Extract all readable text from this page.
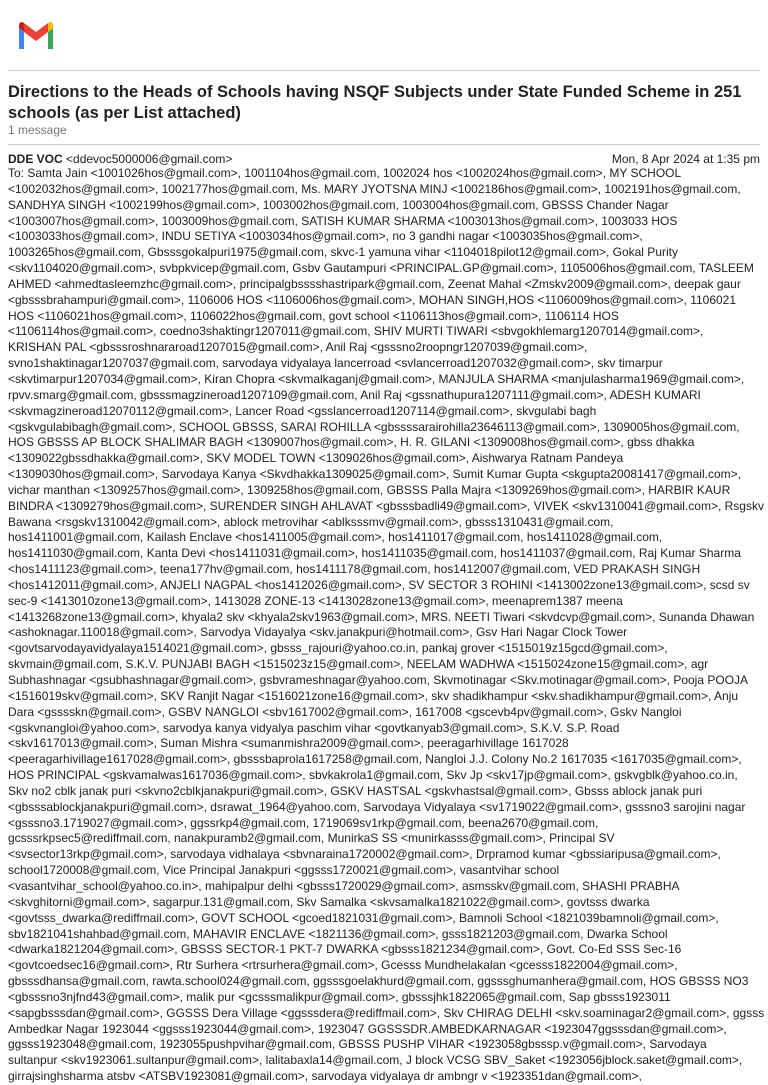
Directions to the Heads of Schools having NSQF Subjects under State Funded Scheme in 251 schools (as per List attached)
1 message
DDE VOC <ddevoc5000006@gmail.com>	Mon, 8 Apr 2024 at 1:35 pm
To: Samta Jain <1001026hos@gmail.com>, 1001104hos@gmail.com, 1002024 hos <1002024hos@gmail.com>, MY SCHOOL
<1002032hos@gmail.com>, 1002177hos@gmail.com, Ms. MARY JYOTSNA MINJ <1002186hos@gmail.com>, 1002191hos@gmail.com,
SANDHYA SINGH <1002199hos@gmail.com>, 1003002hos@gmail.com, 1003004hos@gmail.com, GBSSS Chander Nagar
<1003007hos@gmail.com>, 1003009hos@gmail.com, SATISH KUMAR SHARMA <1003013hos@gmail.com>, 1003033 HOS
<1003033hos@gmail.com>, INDU SETIYA <1003034hos@gmail.com>, no 3 gandhi nagar <1003035hos@gmail.com>,
1003265hos@gmail.com, Gbsssgokalpuri1975@gmail.com, skvc-1 yamuna vihar <1104018pilot12@gmail.com>, Gokal Purity
<skv1104020@gmail.com>, svbpkvicep@gmail.com, Gsbv Gautampuri <PRINCIPAL.GP@gmail.com>, 1105006hos@gmail.com, TASLEEM
AHMED <ahmedtasleemzhc@gmail.com>, principalgbsssshastripark@gmail.com, Zeenat Mahal <Zmskv2009@gmail.com>, deepak gaur
<gbsssbrahampuri@gmail.com>, 1106006 HOS <1106006hos@gmail.com>, MOHAN SINGH,HOS <1106009hos@gmail.com>, 1106021
HOS <1106021hos@gmail.com>, 1106022hos@gmail.com, govt school <1106113hos@gmail.com>, 1106114 HOS
<1106114hos@gmail.com>, coedno3shaktingr1207011@gmail.com, SHIV MURTI TIWARI <sbvgokhlemarg1207014@gmail.com>,
KRISHAN PAL <gbsssroshnararoad1207015@gmail.com>, Anil Raj <gsssno2roopngr1207039@gmail.com>,
svno1shaktinagar1207037@gmail.com, sarvodaya vidyalaya lancerroad <svlancerroad1207032@gmail.com>, skv timarpur
<skvtimarpur1207034@gmail.com>, Kiran Chopra <skvmalkaganj@gmail.com>, MANJULA SHARMA <manjulasharma1969@gmail.com>,
rpvv.smarg@gmail.com, gbsssmagzineroad1207109@gmail.com, Anil Raj <gssnathupura1207111@gmail.com>, ADESH KUMARI
<skvmagzineroad12070112@gmail.com>, Lancer Road <gsslancerroad1207114@gmail.com>, skvgulabi bagh
<gskvgulabibagh@gmail.com>, SCHOOL GBSSS, SARAI ROHILLA <gbssssarairohilla23646113@gmail.com>, 1309005hos@gmail.com,
HOS GBSSS AP BLOCK SHALIMAR BAGH <1309007hos@gmail.com>, H. R. GILANI <1309008hos@gmail.com>, gbss dhakka
<1309022gbssdhakka@gmail.com>, SKV MODEL TOWN <1309026hos@gmail.com>, Aishwarya Ratnam Pandeya
<1309030hos@gmail.com>, Sarvodaya Kanya <Skvdhakka1309025@gmail.com>, Sumit Kumar Gupta <skgupta20081417@gmail.com>,
vichar manthan <1309257hos@gmail.com>, 1309258hos@gmail.com, GBSSS Palla Majra <1309269hos@gmail.com>, HARBIR KAUR
BINDRA <1309279hos@gmail.com>, SURENDER SINGH AHLAVAT <gbsssbadli49@gmail.com>, VIVEK <skv1310041@gmail.com>, Rsgskv
Bawana <rsgskv1310042@gmail.com>, ablock metrovihar <ablksssmv@gmail.com>, gbsss1310431@gmail.com,
hos1411001@gmail.com, Kailash Enclave <hos1411005@gmail.com>, hos1411017@gmail.com, hos1411028@gmail.com,
hos1411030@gmail.com, Kanta Devi <hos1411031@gmail.com>, hos1411035@gmail.com, hos1411037@gmail.com, Raj Kumar Sharma
<hos1411123@gmail.com>, teena177hv@gmail.com, hos1411178@gmail.com, hos1412007@gmail.com, VED PRAKASH SINGH
<hos1412011@gmail.com>, ANJELI NAGPAL <hos1412026@gmail.com>, SV SECTOR 3 ROHINI <1413002zone13@gmail.com>, scsd sv
sec-9 <1413010zone13@gmail.com>, 1413028 ZONE-13 <1413028zone13@gmail.com>, meenaprem1387 meena
<1413268zone13@gmail.com>, khyala2 skv <khyala2skv1963@gmail.com>, MRS. NEETI Tiwari <skvdcvp@gmail.com>, Sunanda Dhawan
<ashoknagar.110018@gmail.com>, Sarvodya Vidayalya <skv.janakpuri@hotmail.com>, Gsv Hari Nagar Clock Tower
<govtsarvodayavidyalaya1514021@gmail.com>, gbsss_rajouri@yahoo.co.in, pankaj grover <1515019z15gcd@gmail.com>,
skvmain@gmail.com, S.K.V. PUNJABI BAGH <1515023z15@gmail.com>, NEELAM WADHWA <1515024zone15@gmail.com>, agr
Subhashnagar <gsubhashnagar@gmail.com>, gsbvrameshnagar@yahoo.com, Skvmotinagar <Skv.motinagar@gmail.com>, Pooja POOJA
<1516019skv@gmail.com>, SKV Ranjit Nagar <1516021zone16@gmail.com>, skv shadikhampur <skv.shadikhampur@gmail.com>, Anju
Dara <gsssskn@gmail.com>, GSBV NANGLOI <sbv1617002@gmail.com>, 1617008 <gscevb4pv@gmail.com>, Gskv Nangloi
<gskvnangloi@yahoo.com>, sarvodya kanya vidyalya paschim vihar <govtkanyab3@gmail.com>, S.K.V. S.P. Road
<skv1617013@gmail.com>, Suman Mishra <sumanmishra2009@gmail.com>, peeragarhivillage 1617028
<peeragarhivillage1617028@gmail.com>, gbsssbaprola1617258@gmail.com, Nangloi J.J. Colony No.2 1617035 <1617035@gmail.com>,
HOS PRINCIPAL <gskvamalwas1617036@gmail.com>, sbvkakrola1@gmail.com, Skv Jp <skv17jp@gmail.com>, gskvgblk@yahoo.co.in,
Skv no2 cblk janak puri <skvno2cblkjanakpuri@gmail.com>, GSKV HASTSAL <gskvhastsal@gmail.com>, Gbsss ablock janak puri
<gbsssablockjanakpuri@gmail.com>, dsrawat_1964@yahoo.com, Sarvodaya Vidyalaya <sv1719022@gmail.com>, gsssno3 sarojini nagar
<gsssno3.1719027@gmail.com>, ggssrkp4@gmail.com, 1719069sv1rkp@gmail.com, beena2670@gmail.com,
gcsssrkpsec5@rediffmail.com, nanakpuramb2@gmail.com, MunirkaS SS <munirkasss@gmail.com>, Principal SV
<svsector13rkp@gmail.com>, sarvodaya vidhalaya <sbvnaraina1720002@gmail.com>, Drpramod kumar <gbssiaripusa@gmail.com>,
school1720008@gmail.com, Vice Principal Janakpuri <ggsss1720021@gmail.com>, vasantvihar school
<vasantvihar_school@yahoo.co.in>, mahipalpur delhi <gbsss1720029@gmail.com>, asmsskv@gmail.com, SHASHI PRABHA
<skvghitorni@gmail.com>, sagarpur.131@gmail.com, Skv Samalka <skvsamalka1821022@gmail.com>, govtsss dwarka
<govtsss_dwarka@rediffmail.com>, GOVT SCHOOL <gcoed1821031@gmail.com>, Bamnoli School <1821039bamnoli@gmail.com>,
sbv1821041shahbad@gmail.com, MAHAVIR ENCLAVE <1821136@gmail.com>, gsss1821203@gmail.com, Dwarka School
<dwarka1821204@gmail.com>, GBSSS SECTOR-1 PKT-7 DWARKA <gbsss1821234@gmail.com>, Govt. Co-Ed SSS Sec-16
<govtcoedsec16@gmail.com>, Rtr Surhera <rtrsurhera@gmail.com>, Gcesss Mundhelakalan <gcesss1822004@gmail.com>,
gbsssdhansa@gmail.com, rawta.school024@gmail.com, ggsssgoelakhurd@gmail.com, ggsssghumanhera@gmail.com, HOS GBSSS NO3
<gbsssno3njfnd43@gmail.com>, malik pur <gcsssmalikpur@gmail.com>, gbsssjhk1822065@gmail.com, Sap gbsss1923011
<sapgbsssdan@gmail.com>, GGSSS Dera Village <ggsssdera@rediffmail.com>, Skv CHIRAG DELHI <skv.soaminagar2@gmail.com>, ggsss
Ambedkar Nagar 1923044 <ggsss1923044@gmail.com>, 1923047 GGSSSDR.AMBEDKARNAGAR <1923047ggsssdan@gmail.com>,
ggsss1923048@gmail.com, 1923055pushpvihar@gmail.com, GBSSS PUSHP VIHAR <1923058gbsssp.v@gmail.com>, Sarvodaya
sultanpur <skv1923061.sultanpur@gmail.com>, lalitabaxla14@gmail.com, J block VCSG SBV_Saket <1923056jblock.saket@gmail.com>,
girrajsinghsharma atsbv <ATSBV1923081@gmail.com>, sarvodaya vidyalaya dr ambngr v <1923351dan@gmail.com>,
